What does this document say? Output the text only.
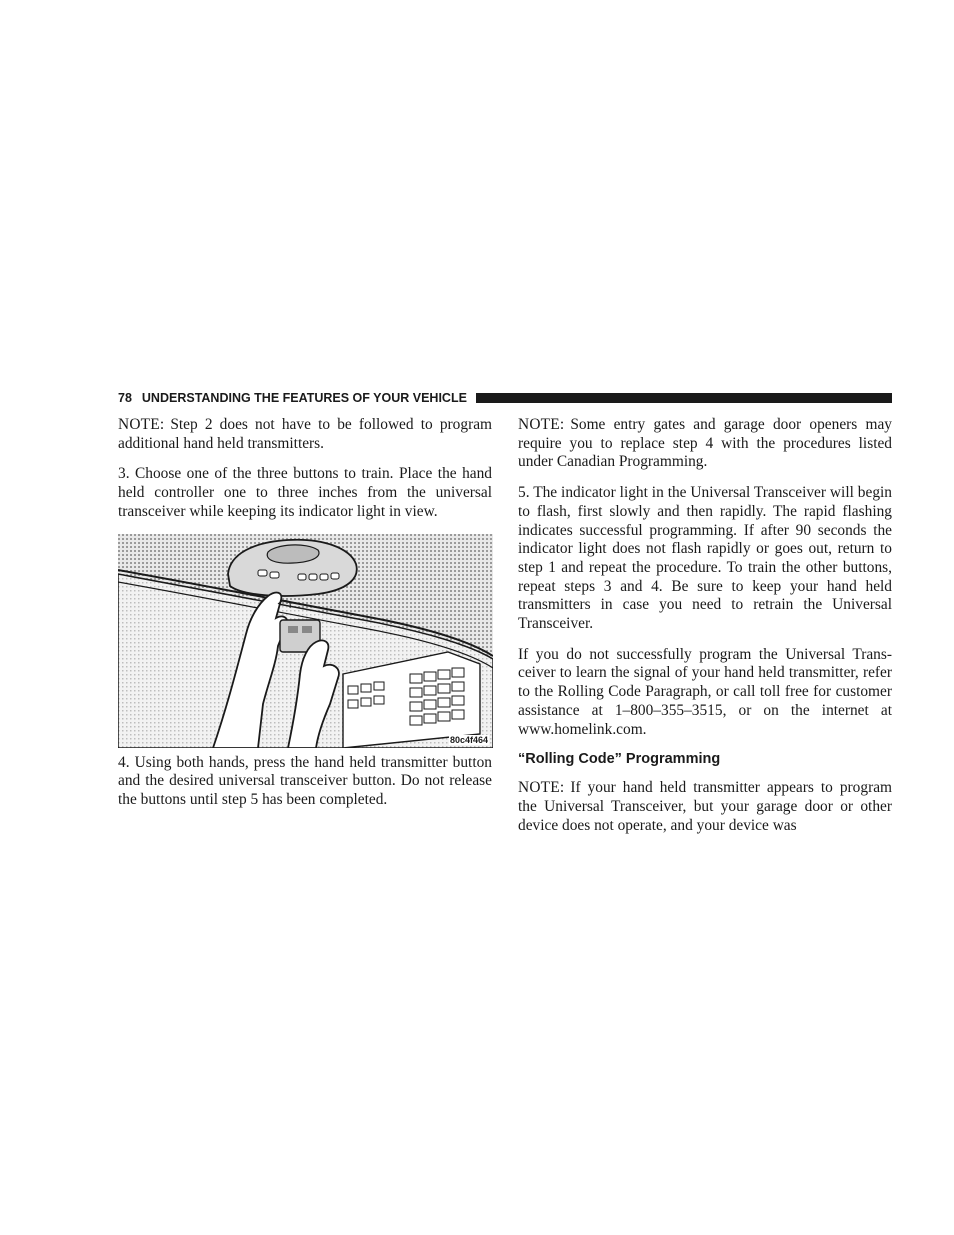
78 UNDERSTANDING THE FEATURES OF YOUR VEHICLE

NOTE: Step 2 does not have to be followed to program additional hand held transmitters.

3. Choose one of the three buttons to train. Place the hand held controller one to three inches from the universal transceiver while keeping its indicator light in view.

80c4f464

4. Using both hands, press the hand held transmitter button and the desired universal transceiver button. Do not release the buttons until step 5 has been completed.

NOTE: Some entry gates and garage door openers may require you to replace step 4 with the procedures listed under Canadian Programming.

5. The indicator light in the Universal Transceiver will begin to flash, first slowly and then rapidly. The rapid flashing indicates successful programming. If after 90 seconds the indicator light does not flash rapidly or goes out, return to step 1 and repeat the procedure. To train the other buttons, repeat steps 3 and 4. Be sure to keep your hand held transmitters in case you need to retrain the Universal Transceiver.

If you do not successfully program the Universal Transceiver to learn the signal of your hand held transmitter, refer to the Rolling Code Paragraph, or call toll free for customer assistance at 1–800–355–3515, or on the internet at www.homelink.com.

“Rolling Code” Programming

NOTE: If your hand held transmitter appears to program the Universal Transceiver, but your garage door or other device does not operate, and your device was
